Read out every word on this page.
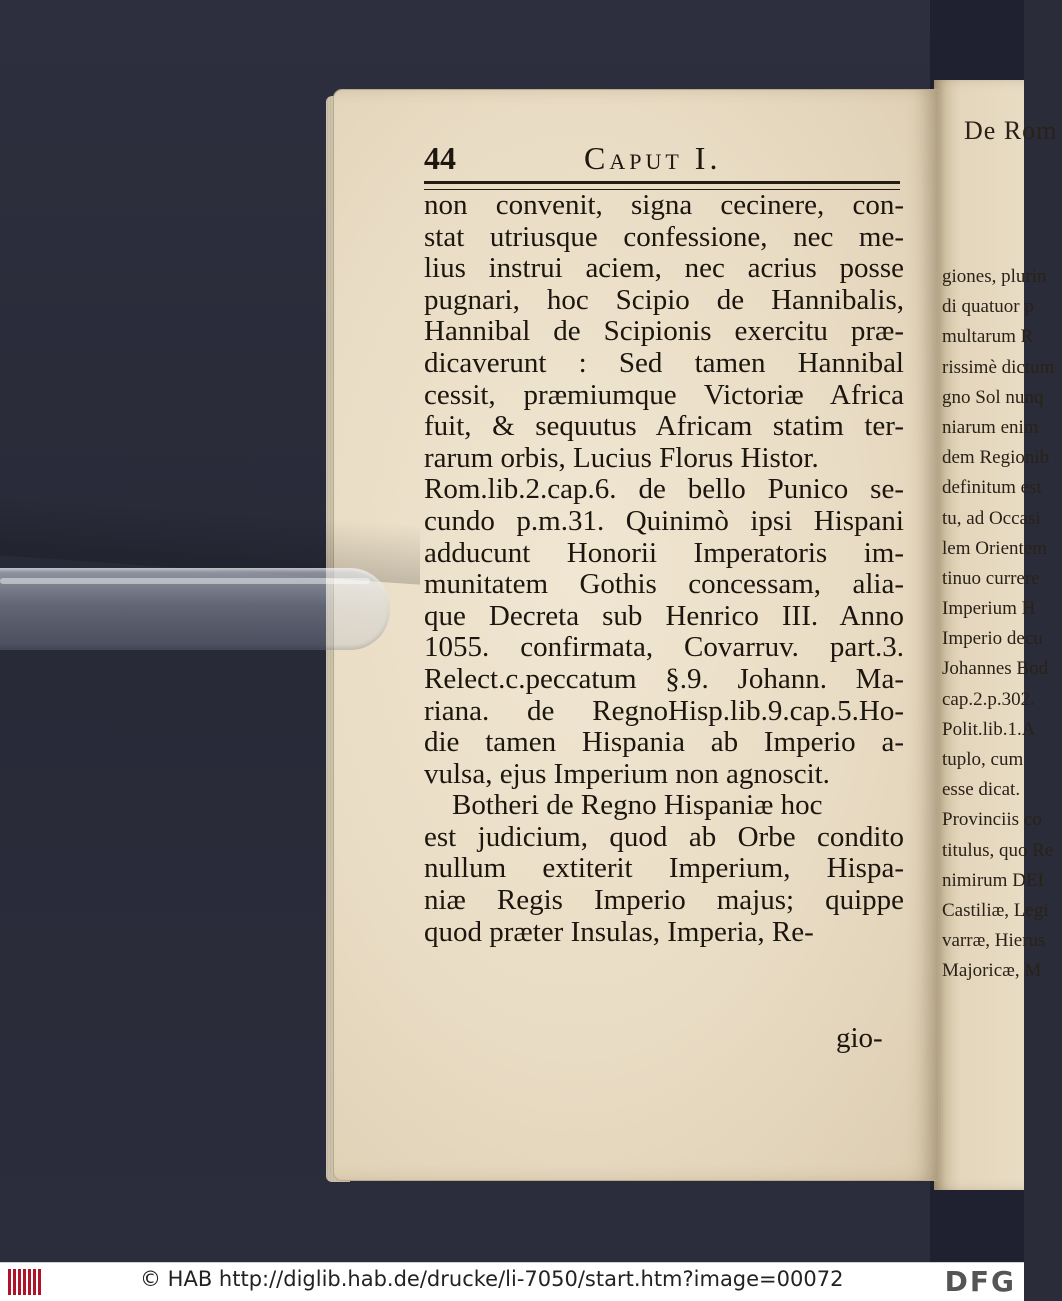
De Rom
giones, plurin
di quatuor p
multarum R
rissimè dictum
gno Sol nunq
niarum enim
dem Regionib
definitum est
tu, ad Occasi
lem Orientem
tinuo currere
Imperium H
Imperio decu
Johannes Bod
cap.2.p.302.
Polit.lib.1.A
tuplo, cum
esse dicat.
Provinciis co
titulus, quo Re
nimirum DEI
Castiliæ, Legi
varræ, Hierus
Majoricæ, M
44	Caput I.
non convenit, signa cecinere, con-
stat utriusque confessione, nec me-
lius instrui aciem, nec acrius posse
pugnari, hoc Scipio de Hannibalis,
Hannibal de Scipionis exercitu præ-
dicaverunt : Sed tamen Hannibal
cessit, præmiumque Victoriæ Africa
fuit, & sequutus Africam statim ter-
rarum orbis, Lucius Florus Histor.
Rom.lib.2.cap.6. de bello Punico se-
cundo p.m.31. Quinimò ipsi Hispani
adducunt Honorii Imperatoris im-
munitatem Gothis concessam, alia-
que Decreta sub Henrico III. Anno
1055. confirmata, Covarruv. part.3.
Relect.c.peccatum §.9. Johann. Ma-
riana. de RegnoHisp.lib.9.cap.5.Ho-
die tamen Hispania ab Imperio a-
vulsa, ejus Imperium non agnoscit.
Botheri de Regno Hispaniæ hoc
est judicium, quod ab Orbe condito
nullum extiterit Imperium, Hispa-
niæ Regis Imperio majus; quippe
quod præter Insulas, Imperia, Re-
gio-
© HAB http://diglib.hab.de/drucke/li-7050/start.htm?image=00072	DFG
